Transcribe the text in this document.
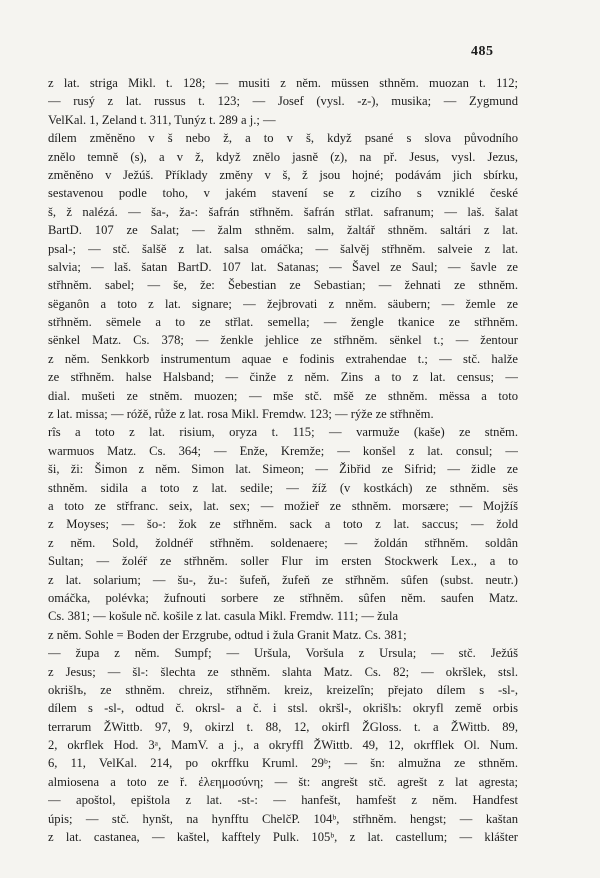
485
z lat. striga Mikl. t. 128; — musiti z něm. müssen sthněm. muozan t. 112;
— rusý z lat. russus t. 123; — Josef (vysl. -z-), musika; — Zygmund
VelKal. 1, Zeland t. 311, Tunýz t. 289 a j.; —
dílem změněno v š nebo ž, a to v š, když psané s slova původního
znělo temně (s), a v ž, když znělo jasně (z), na př. Jesus, vysl. Jezus,
změněno v Ježúš. Příklady změny v š, ž jsou hojné; podávám jich sbírku,
sestavenou podle toho, v jakém stavení se z cizího s vzniklé české
š, ž nalézá. — ša-, ža-: šafrán střhněm. šafrán střlat. safranum; — laš. šalat
BartD. 107 ze Salat; — žalm sthněm. salm, žaltář sthněm. saltári z lat.
psal-; — stč. šalšě z lat. salsa omáčka; — šalvěj střhněm. salveie z lat.
salvia; — laš. šatan BartD. 107 lat. Satanas; — Šavel ze Saul; — šavle ze
střhněm. sabel; — še, že: Šebestian ze Sebastian; — žehnati ze sthněm.
sëganôn a toto z lat. signare; — žejbrovati z nněm. säubern; — žemle ze
střhněm. sëmele a to ze střlat. semella; — žengle tkanice ze střhněm.
sënkel Matz. Cs. 378; — ženkle jehlice ze střhněm. sënkel t.; — žentour
z něm. Senkkorb instrumentum aquae e fodinis extrahendae t.; — stč. halže
ze střhněm. halse Halsband; — činže z něm. Zins a to z lat. census; —
dial. mušeti ze stněm. muozen; — mše stč. mšě ze sthněm. mëssa a toto
z lat. missa; — róžě, růže z lat. rosa Mikl. Fremdw. 123; — rýže ze střhněm.
rîs a toto z lat. risium, oryza t. 115; — varmuže (kaše) ze stněm.
warmuos Matz. Cs. 364; — Enže, Kremže; — konšel z lat. consul; —
ši, ži: Šimon z něm. Simon lat. Simeon; — Žibřid ze Sifrid; — židle ze
sthněm. sidila a toto z lat. sedile; — žíž (v kostkách) ze sthněm. sës
a toto ze střfranc. seix, lat. sex; — možieř ze sthněm. morsære; — Mojžíš
z Moyses; — šo-: žok ze střhněm. sack a toto z lat. saccus; — žold
z něm. Sold, žoldnéř střhněm. soldenaere; — žoldán střhněm. soldân
Sultan; — žoléř ze střhněm. soller Flur im ersten Stockwerk Lex., a to
z lat. solarium; — šu-, žu-: šufeň, žufeň ze střhněm. sûfen (subst. neutr.)
omáčka, polévka; žufnouti sorbere ze střhněm. sûfen něm. saufen Matz.
Cs. 381; — košule nč. košile z lat. casula Mikl. Fremdw. 111; — žula
z něm. Sohle = Boden der Erzgrube, odtud i žula Granit Matz. Cs. 381;
— župa z něm. Sumpf; — Uršula, Voršula z Ursula; — stč. Ježúš
z Jesus; — šl-: šlechta ze sthněm. slahta Matz. Cs. 82; — okršlek, stsl.
okrišlъ, ze sthněm. chreiz, střhněm. kreiz, kreizelîn; přejato dílem s -sl-,
dílem s -sl-, odtud č. okrsl- a č. i stsl. okršl-, okrišlъ: okryfl země orbis
terrarum ŽWittb. 97, 9, okirzl t. 88, 12, okirfl ŽGloss. t. a ŽWittb. 89,
2, okrflek Hod. 3ᵃ, MamV. a j., a okryffl ŽWittb. 49, 12, okrfflek Ol. Num.
6, 11, VelKal. 214, po okrffku Kruml. 29ᵇ; — šn: almužna ze sthněm.
almiosena a toto ze ř. ἐλεημοσύνη; — št: angrešt stč. agrešt z lat agresta;
— apoštol, epištola z lat. -st-: — hanfešt, hamfešt z něm. Handfest
úpis; — stč. hynšt, na hynfftu ChelčP. 104ᵇ, střhněm. hengst; — kaštan
z lat. castanea, — kaštel, kafftely Pulk. 105ᵇ, z lat. castellum; — klášter
